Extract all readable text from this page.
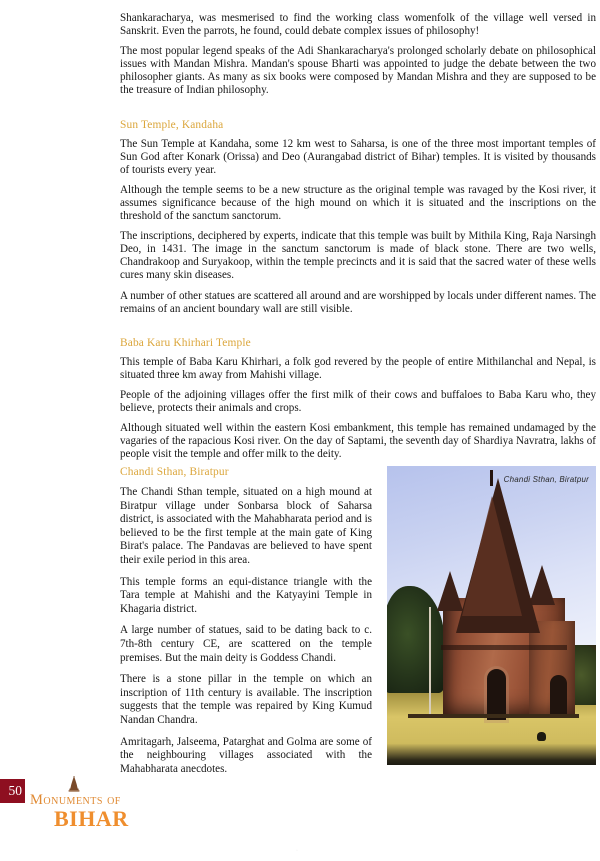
Shankaracharya, was mesmerised to find the working class womenfolk of the village well versed in Sanskrit. Even the parrots, he found, could debate complex issues of philosophy!

The most popular legend speaks of the Adi Shankaracharya's prolonged scholarly debate on philosophical issues with Mandan Mishra. Mandan's spouse Bharti was appointed to judge the debate between the two philosopher giants. As many as six books were composed by Mandan Mishra and they are supposed to be the treasure of Indian philosophy.

Sun Temple, Kandaha

The Sun Temple at Kandaha, some 12 km west to Saharsa, is one of the three most important temples of Sun God after Konark (Orissa) and Deo (Aurangabad district of Bihar) temples. It is visited by thousands of tourists every year.

Although the temple seems to be a new structure as the original temple was ravaged by the Kosi river, it assumes significance because of the high mound on which it is situated and the inscriptions on the threshold of the sanctum sanctorum.

The inscriptions, deciphered by experts, indicate that this temple was built by Mithila King, Raja Narsingh Deo, in 1431. The image in the sanctum sanctorum is made of black stone. There are two wells, Chandrakoop and Suryakoop, within the temple precincts and it is said that the sacred water of these wells cures many skin diseases.

A number of other statues are scattered all around and are worshipped by locals under different names. The remains of an ancient boundary wall are still visible.

Baba Karu Khirhari Temple

This temple of Baba Karu Khirhari, a folk god revered by the people of entire Mithilanchal and Nepal, is situated three km away from Mahishi village.

People of the adjoining villages offer the first milk of their cows and buffaloes to Baba Karu who, they believe, protects their animals and crops.

Although situated well within the eastern Kosi embankment, this temple has remained undamaged by the vagaries of the rapacious Kosi river. On the day of Saptami, the seventh day of Shardiya Navratra, lakhs of people visit the temple and offer milk to the deity.

Chandi Sthan, Biratpur

The Chandi Sthan temple, situated on a high mound at Biratpur village under Sonbarsa block of Saharsa district, is associated with the Mahabharata period and is believed to be the first temple at the main gate of King Birat's palace. The Pandavas are believed to have spent their exile period in this area.

This temple forms an equi-distance triangle with the Tara temple at Mahishi and the Katyayini Temple in Khagaria district.

A large number of statues, said to be dating back to c. 7th-8th century CE, are scattered on the temple premises. But the main deity is Goddess Chandi.

There is a stone pillar in the temple on which an inscription of 11th century is available. The inscription suggests that the temple was repaired by King Kumud Nandan Chandra.

Amritagarh, Jalseema, Patarghat and Golma are some of the neighbouring villages associated with the Mahabharata anecdotes.

Chandi Sthan, Biratpur
50
Monuments of
BIHAR
·
